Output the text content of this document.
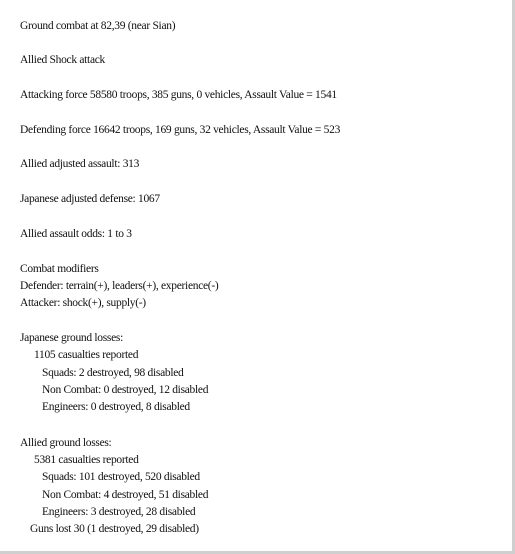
Ground combat at 82,39 (near Sian)
Allied Shock attack
Attacking force 58580 troops, 385 guns, 0 vehicles, Assault Value = 1541
Defending force 16642 troops, 169 guns, 32 vehicles, Assault Value = 523
Allied adjusted assault: 313
Japanese adjusted defense: 1067
Allied assault odds: 1 to 3
Combat modifiers
Defender: terrain(+), leaders(+), experience(-)
Attacker: shock(+), supply(-)
Japanese ground losses:
1105 casualties reported
Squads: 2 destroyed, 98 disabled
Non Combat: 0 destroyed, 12 disabled
Engineers: 0 destroyed, 8 disabled
Allied ground losses:
5381 casualties reported
Squads: 101 destroyed, 520 disabled
Non Combat: 4 destroyed, 51 disabled
Engineers: 3 destroyed, 28 disabled
Guns lost 30 (1 destroyed, 29 disabled)
